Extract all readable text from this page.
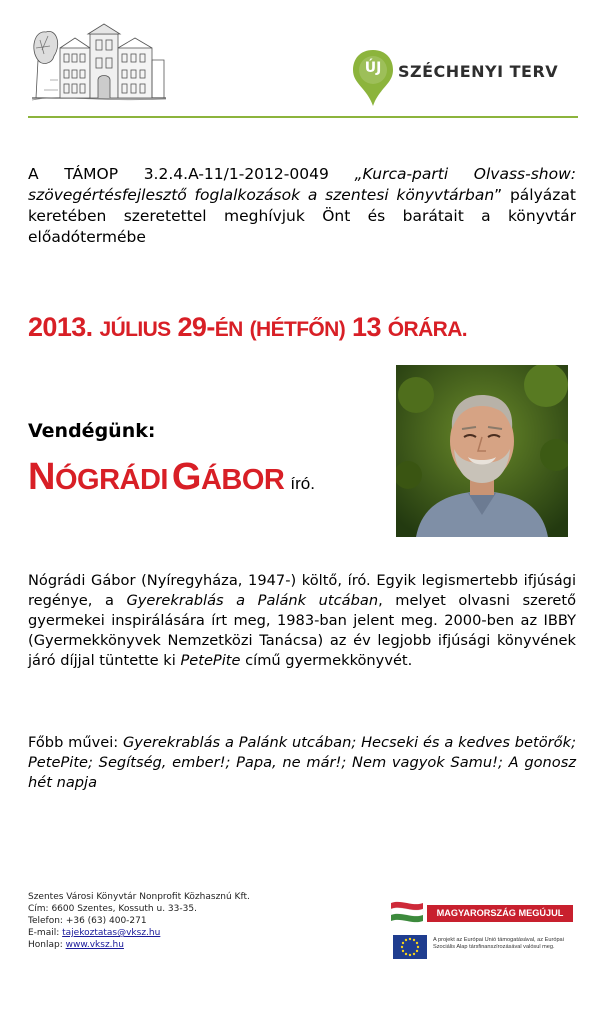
ÚJ SZÉCHENYI TERV
A TÁMOP 3.2.4.A-11/1-2012-0049 „Kurca-parti Olvass-show: szövegértésfejlesztő foglalkozások a szentesi könyvtárban” pályázat keretében szeretettel meghívjuk Önt és barátait a könyvtár előadótermébe
2013. JÚLIUS 29-ÉN (HÉTFŐN) 13 ÓRÁRA.
Vendégünk:
NÓGRÁDI GÁBOR író.
Nógrádi Gábor (Nyíregyháza, 1947-) költő, író. Egyik legismertebb ifjúsági regénye, a Gyerekrablás a Palánk utcában, melyet olvasni szerető gyermekei inspirálására írt meg, 1983-ban jelent meg. 2000-ben az IBBY (Gyermekkönyvek Nemzetközi Tanácsa) az év legjobb ifjúsági könyvének járó díjjal tüntette ki PetePite című gyermekkönyvét.
Főbb művei: Gyerekrablás a Palánk utcában; Hecseki és a kedves betörők; PetePite; Segítség, ember!; Papa, ne már!; Nem vagyok Samu!; A gonosz hét napja
Szentes Városi Könyvtár Nonprofit Közhasznú Kft.
Cím: 6600 Szentes, Kossuth u. 33-35.
Telefon: +36 (63) 400-271
E-mail: tajekoztatas@vksz.hu
Honlap: www.vksz.hu
MAGYARORSZÁG MEGÚJUL
A projekt az Európai Unió támogatásával, az Európai Szociális Alap társfinanszírozásával valósul meg.
